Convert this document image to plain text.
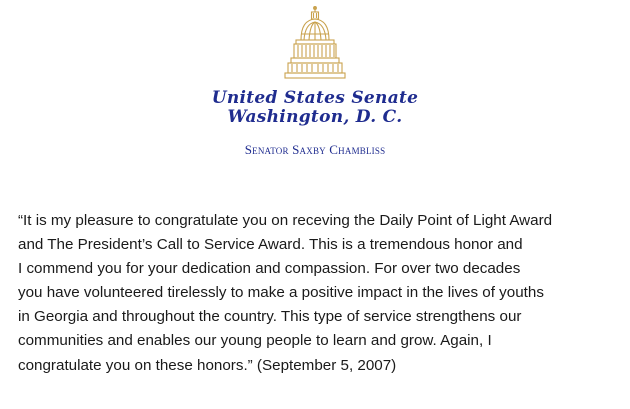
United States Senate
Washington, D. C.
Senator Saxby Chambliss

“It is my pleasure to congratulate you on receving the Daily Point of Light Award
and The President’s Call to Service Award. This is a tremendous honor and
I commend you for your dedication and compassion. For over two decades
you have volunteered tirelessly to make a positive impact in the lives of youths
in Georgia and throughout the country. This type of service strengthens our
communities and enables our young people to learn and grow. Again, I
congratulate you on these honors.” (September 5, 2007)
